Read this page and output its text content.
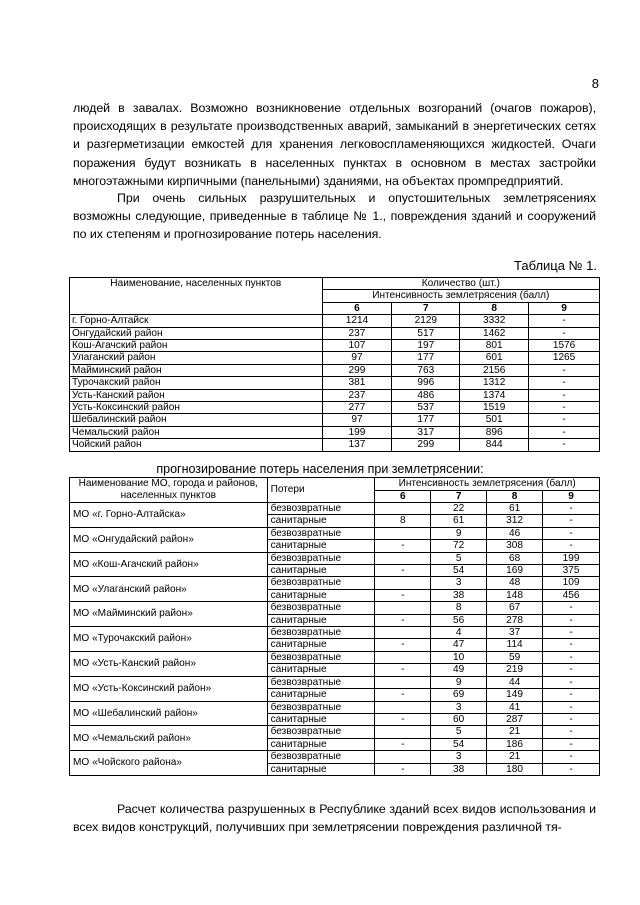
8
людей в завалах. Возможно возникновение отдельных возгораний (очагов пожаров), происходящих в результате производственных аварий, замыканий в энергетических сетях и разгерметизации емкостей для хранения легковоспламеняющихся жидкостей. Очаги поражения будут возникать в населенных пунктах в основном в местах застройки многоэтажными кирпичными (панельными) зданиями, на объектах промпредприятий.
При очень сильных разрушительных и опустошительных землетрясениях возможны следующие, приведенные в таблице № 1., повреждения зданий и сооружений по их степеням и прогнозирование потерь населения.
Таблица № 1.
Наименование, населенных пунктов	Количество (шт.)			
	Интенсивность землетрясения (балл)			
	6	7	8	9
г. Горно-Алтайск	1214	2129	3332	-
Онгудайский район	237	517	1462	-
Кош-Агачский район	107	197	801	1576
Улаганский район	97	177	601	1265
Майминский район	299	763	2156	-
Турочакский район	381	996	1312	-
Усть-Канский район	237	486	1374	-
Усть-Коксинский район	277	537	1519	-
Шебалинский район	97	177	501	-
Чемальский район	199	317	896	-
Чойский район	137	299	844	-
прогнозирование потерь населения при землетрясении:
Наименование МО, города и районов, населенных пунктов	Потери	Интенсивность землетрясения (балл)			
		6	7	8	9
МО «г. Горно-Алтайска»	безвозвратные		22	61	-
	санитарные	8	61	312	-
МО «Онгудайский район»	безвозвратные		9	46	-
	санитарные	-	72	308	-
МО «Кош-Агачский район»	безвозвратные		5	68	199
	санитарные	-	54	169	375
МО «Улаганский район»	безвозвратные		3	48	109
	санитарные	-	38	148	456
МО «Майминский район»	безвозвратные		8	67	-
	санитарные	-	56	278	-
МО «Турочакский район»	безвозвратные		4	37	-
	санитарные	-	47	114	-
МО «Усть-Канский район»	безвозвратные		10	59	-
	санитарные	-	49	219	-
МО «Усть-Коксинский район»	безвозвратные		9	44	-
	санитарные	-	69	149	-
МО «Шебалинский район»	безвозвратные		3	41	-
	санитарные	-	60	287	-
МО «Чемальский район»	безвозвратные		5	21	-
	санитарные	-	54	186	-
МО «Чойского района»	безвозвратные		3	21	-
	санитарные	-	38	180	-
Расчет количества разрушенных в Республике зданий всех видов использования и всех видов конструкций, получивших при землетрясении повреждения различной тя-
